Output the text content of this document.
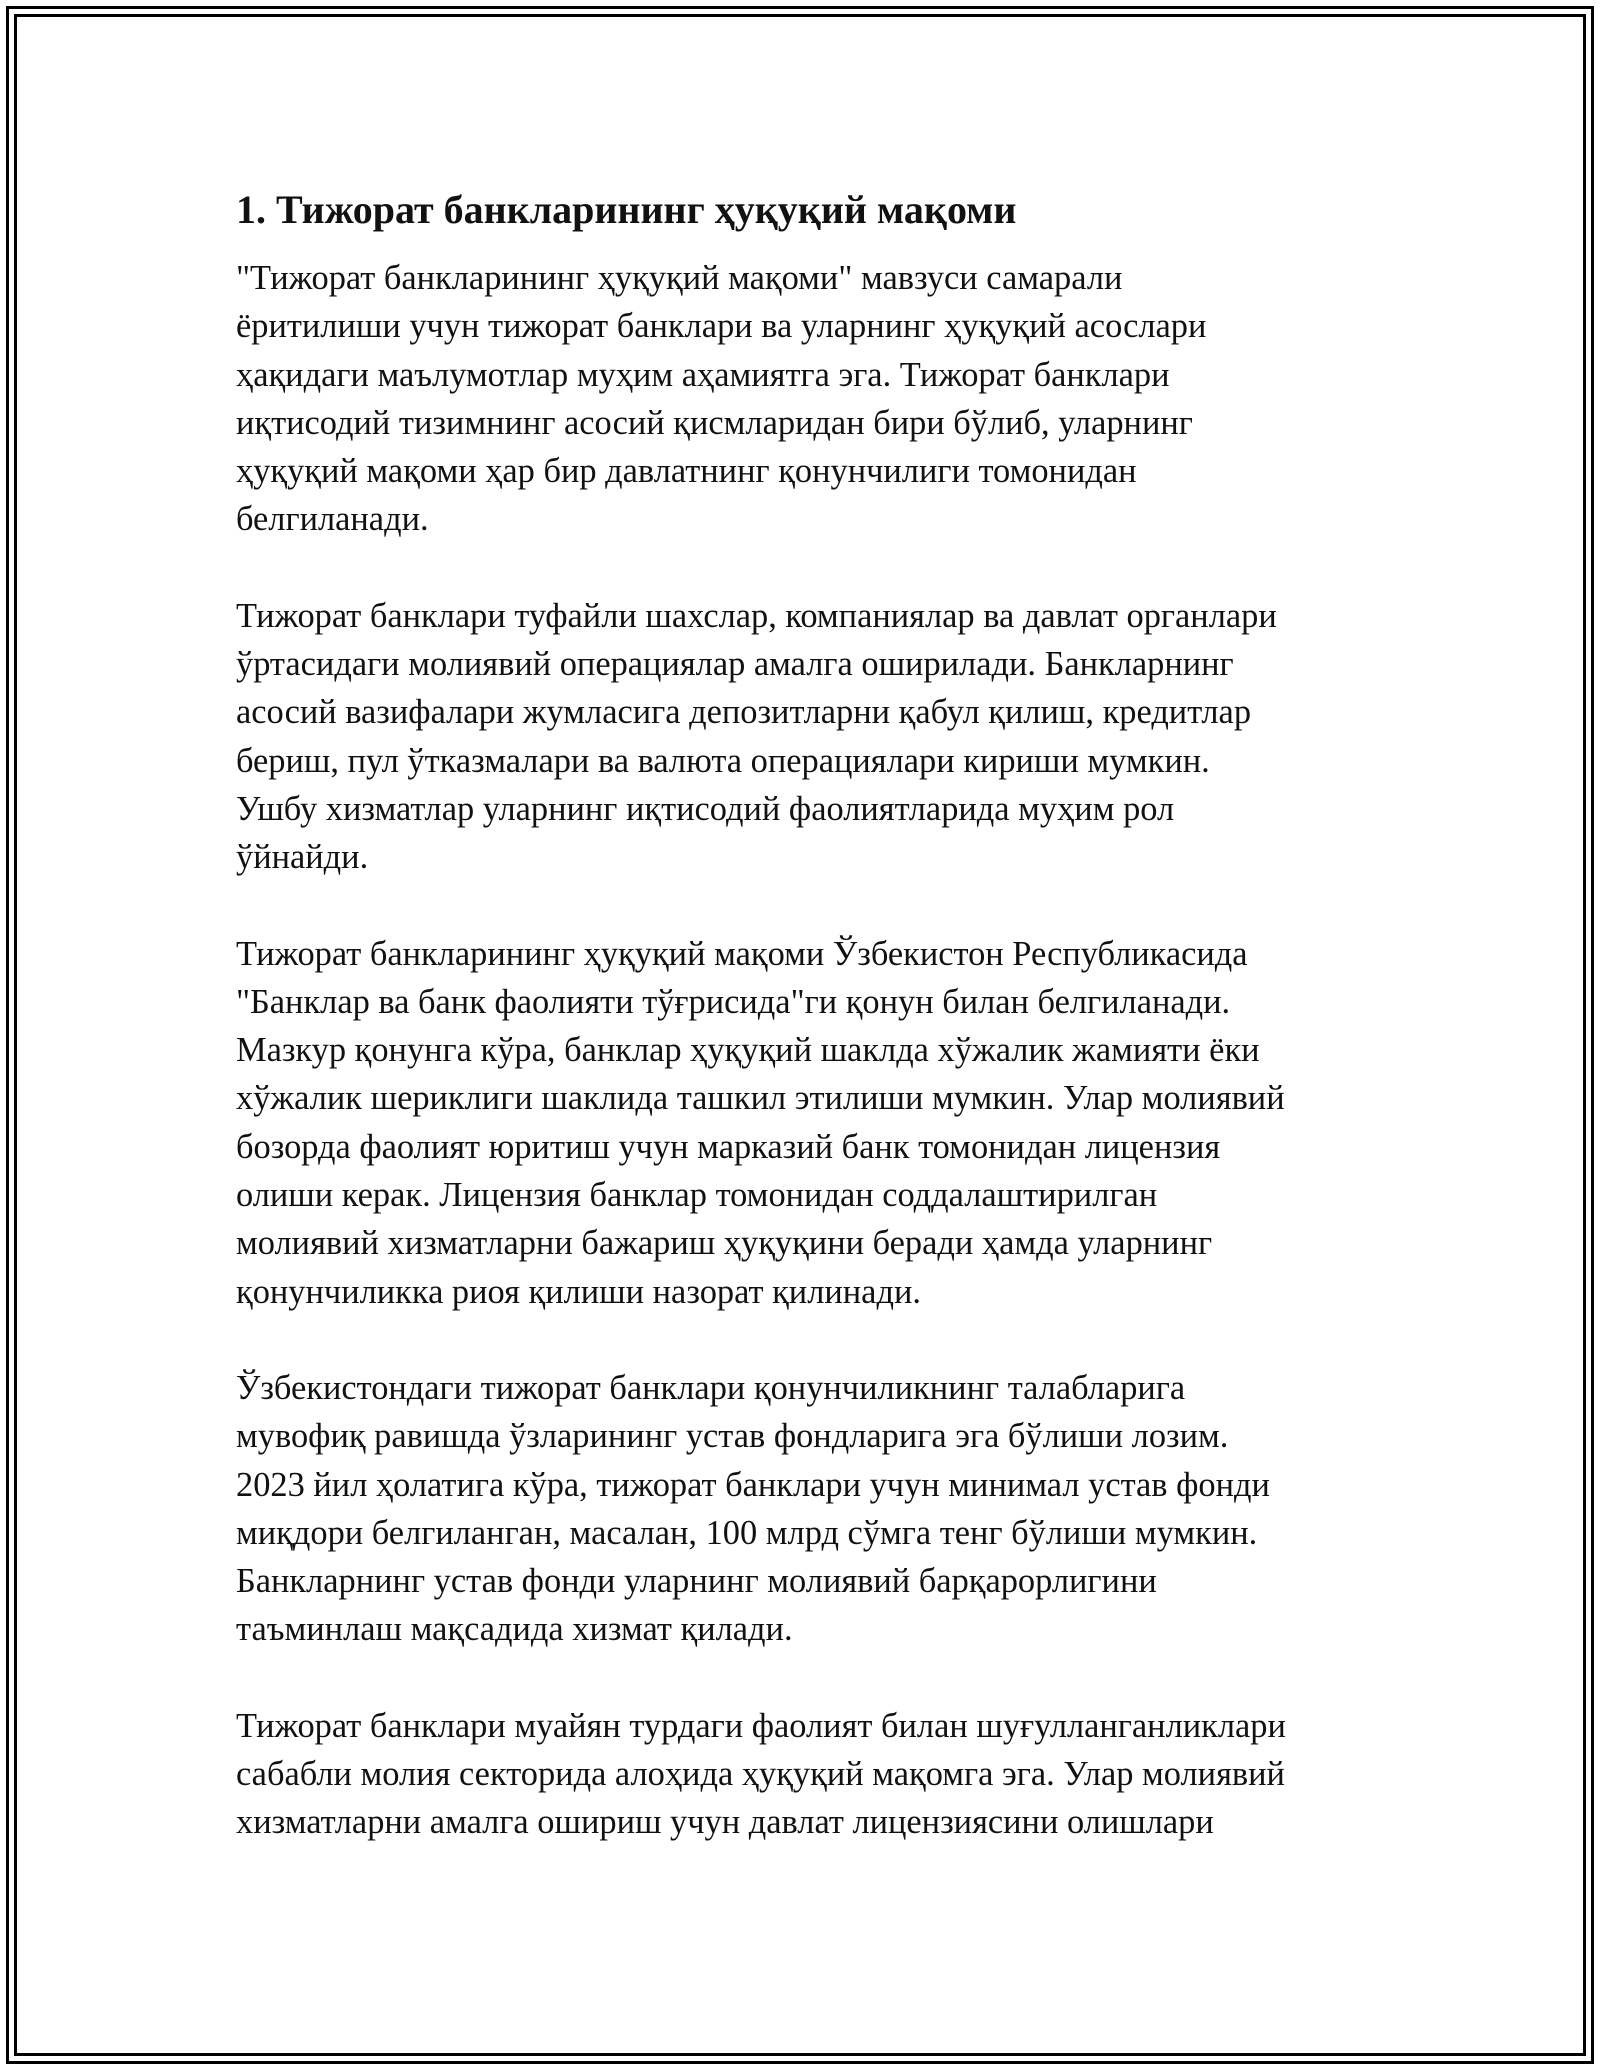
1. Тижорат банкларининг ҳуқуқий мақоми
"Тижорат банкларининг ҳуқуқий мақоми" мавзуси самарали
ёритилиши учун тижорат банклари ва уларнинг ҳуқуқий асослари
ҳақидаги маълумотлар муҳим аҳамиятга эга. Тижорат банклари
иқтисодий тизимнинг асосий қисмларидан бири бўлиб, уларнинг
ҳуқуқий мақоми ҳар бир давлатнинг қонунчилиги томонидан
белгиланади.
Тижорат банклари туфайли шахслар, компаниялар ва давлат органлари
ўртасидаги молиявий операциялар амалга оширилади. Банкларнинг
асосий вазифалари жумласига депозитларни қабул қилиш, кредитлар
бериш, пул ўтказмалари ва валюта операциялари кириши мумкин.
Ушбу хизматлар уларнинг иқтисодий фаолиятларида муҳим рол
ўйнайди.
Тижорат банкларининг ҳуқуқий мақоми Ўзбекистон Республикасида
"Банклар ва банк фаолияти тўғрисида"ги қонун билан белгиланади.
Мазкур қонунга кўра, банклар ҳуқуқий шаклда хўжалик жамияти ёки
хўжалик шериклиги шаклида ташкил этилиши мумкин. Улар молиявий
бозорда фаолият юритиш учун марказий банк томонидан лицензия
олиши керак. Лицензия банклар томонидан соддалаштирилган
молиявий хизматларни бажариш ҳуқуқини беради ҳамда уларнинг
қонунчиликка риоя қилиши назорат қилинади.
Ўзбекистондаги тижорат банклари қонунчиликнинг талабларига
мувофиқ равишда ўзларининг устав фондларига эга бўлиши лозим.
2023 йил ҳолатига кўра, тижорат банклари учун минимал устав фонди
миқдори белгиланган, масалан, 100 млрд сўмга тенг бўлиши мумкин.
Банкларнинг устав фонди уларнинг молиявий барқарорлигини
таъминлаш мақсадида хизмат қилади.
Тижорат банклари муайян турдаги фаолият билан шуғулланганликлари
сабабли молия секторида алоҳида ҳуқуқий мақомга эга. Улар молиявий
хизматларни амалга ошириш учун давлат лицензиясини олишлари
